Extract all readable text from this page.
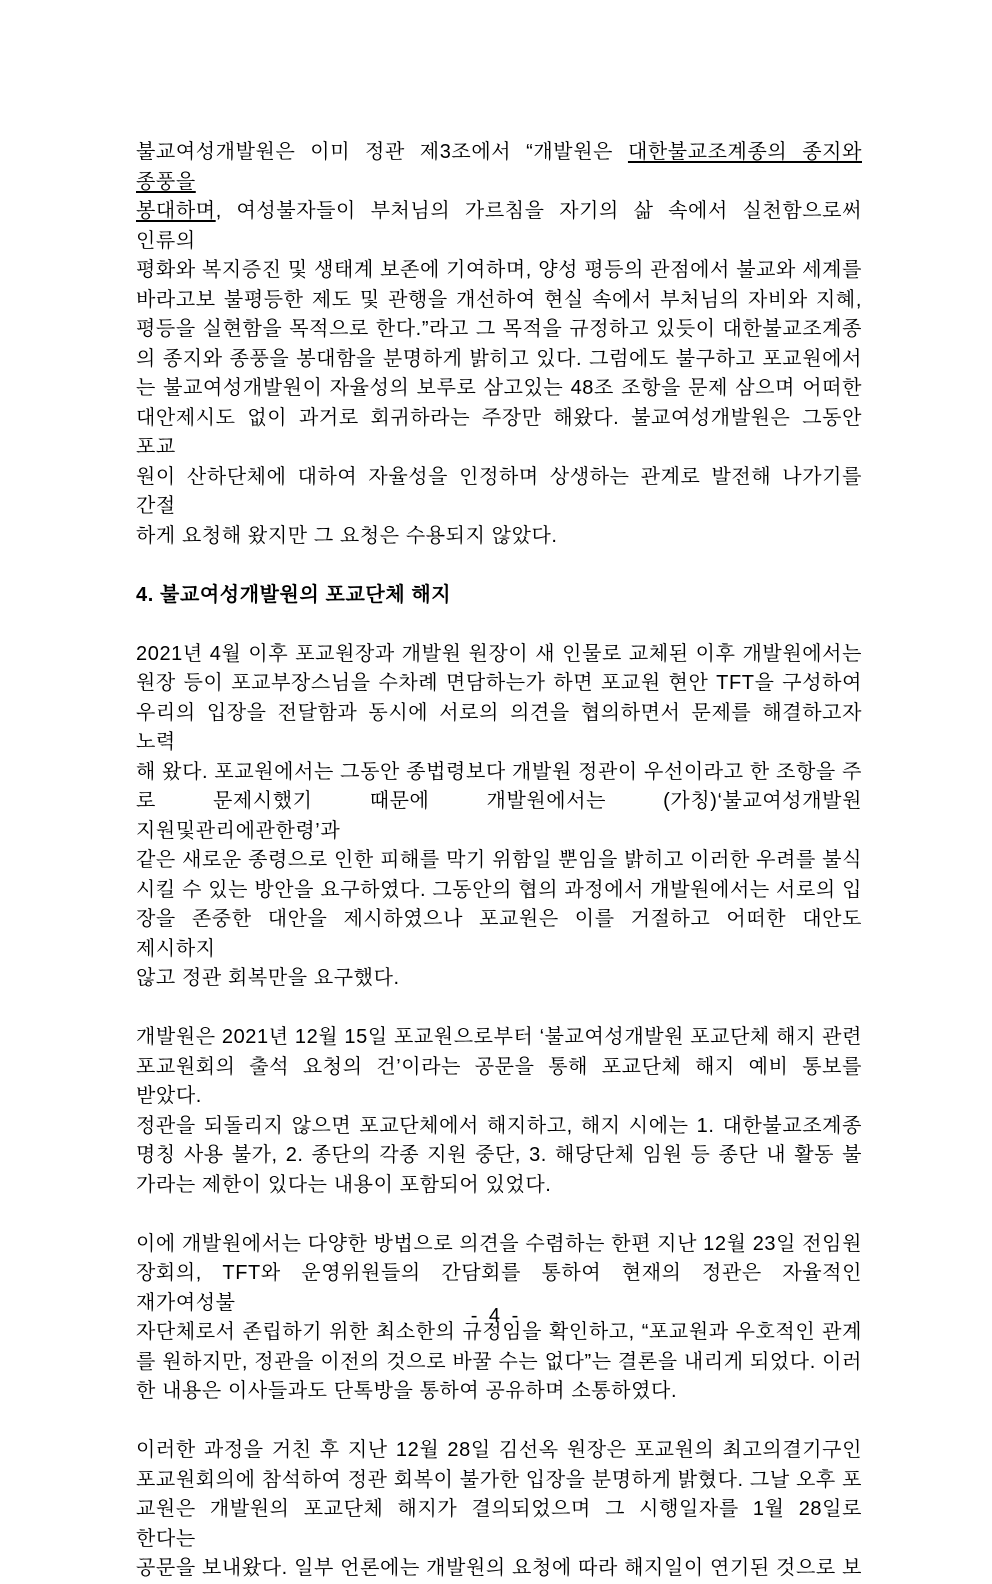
불교여성개발원은 이미 정관 제3조에서 “개발원은 대한불교조계종의 종지와 종풍을
봉대하며, 여성불자들이 부처님의 가르침을 자기의 삶 속에서 실천함으로써 인류의
평화와 복지증진 및 생태계 보존에 기여하며, 양성 평등의 관점에서 불교와 세계를
바라고보 불평등한 제도 및 관행을 개선하여 현실 속에서 부처님의 자비와 지혜,
평등을 실현함을 목적으로 한다.”라고 그 목적을 규정하고 있듯이 대한불교조계종
의 종지와 종풍을 봉대함을 분명하게 밝히고 있다. 그럼에도 불구하고 포교원에서
는 불교여성개발원이 자율성의 보루로 삼고있는 48조 조항을 문제 삼으며 어떠한
대안제시도 없이 과거로 회귀하라는 주장만 해왔다. 불교여성개발원은 그동안 포교
원이 산하단체에 대하여 자율성을 인정하며 상생하는 관계로 발전해 나가기를 간절
하게 요청해 왔지만 그 요청은 수용되지 않았다.
4. 불교여성개발원의 포교단체 해지
2021년 4월 이후 포교원장과 개발원 원장이 새 인물로 교체된 이후 개발원에서는
원장 등이 포교부장스님을 수차례 면담하는가 하면 포교원 현안 TFT을 구성하여
우리의 입장을 전달함과 동시에 서로의 의견을 협의하면서 문제를 해결하고자 노력
해 왔다. 포교원에서는 그동안 종법령보다 개발원 정관이 우선이라고 한 조항을 주
로 문제시했기 때문에 개발원에서는 (가칭)‘불교여성개발원 지원및관리에관한령’과
같은 새로운 종령으로 인한 피해를 막기 위함일 뿐임을 밝히고 이러한 우려를 불식
시킬 수 있는 방안을 요구하였다. 그동안의 협의 과정에서 개발원에서는 서로의 입
장을 존중한 대안을 제시하였으나 포교원은 이를 거절하고 어떠한 대안도 제시하지
않고 정관 회복만을 요구했다.
개발원은 2021년 12월 15일 포교원으로부터 ‘불교여성개발원 포교단체 해지 관련
포교원회의 출석 요청의 건’이라는 공문을 통해 포교단체 해지 예비 통보를 받았다.
정관을 되돌리지 않으면 포교단체에서 해지하고, 해지 시에는 1. 대한불교조계종
명칭 사용 불가, 2. 종단의 각종 지원 중단, 3. 해당단체 임원 등 종단 내 활동 불
가라는 제한이 있다는 내용이 포함되어 있었다.
이에 개발원에서는 다양한 방법으로 의견을 수렴하는 한편 지난 12월 23일 전임원
장회의, TFT와 운영위원들의 간담회를 통하여 현재의 정관은 자율적인 재가여성불
자단체로서 존립하기 위한 최소한의 규정임을 확인하고, “포교원과 우호적인 관계
를 원하지만, 정관을 이전의 것으로 바꿀 수는 없다”는 결론을 내리게 되었다. 이러
한 내용은 이사들과도 단톡방을 통하여 공유하며 소통하였다.
이러한 과정을 거친 후 지난 12월 28일 김선옥 원장은 포교원의 최고의결기구인
포교원회의에 참석하여 정관 회복이 불가한 입장을 분명하게 밝혔다. 그날 오후 포
교원은 개발원의 포교단체 해지가 결의되었으며 그 시행일자를 1월 28일로 한다는
공문을 보내왔다. 일부 언론에는 개발원의 요청에 따라 해지일이 연기된 것으로 보
- 4 -
